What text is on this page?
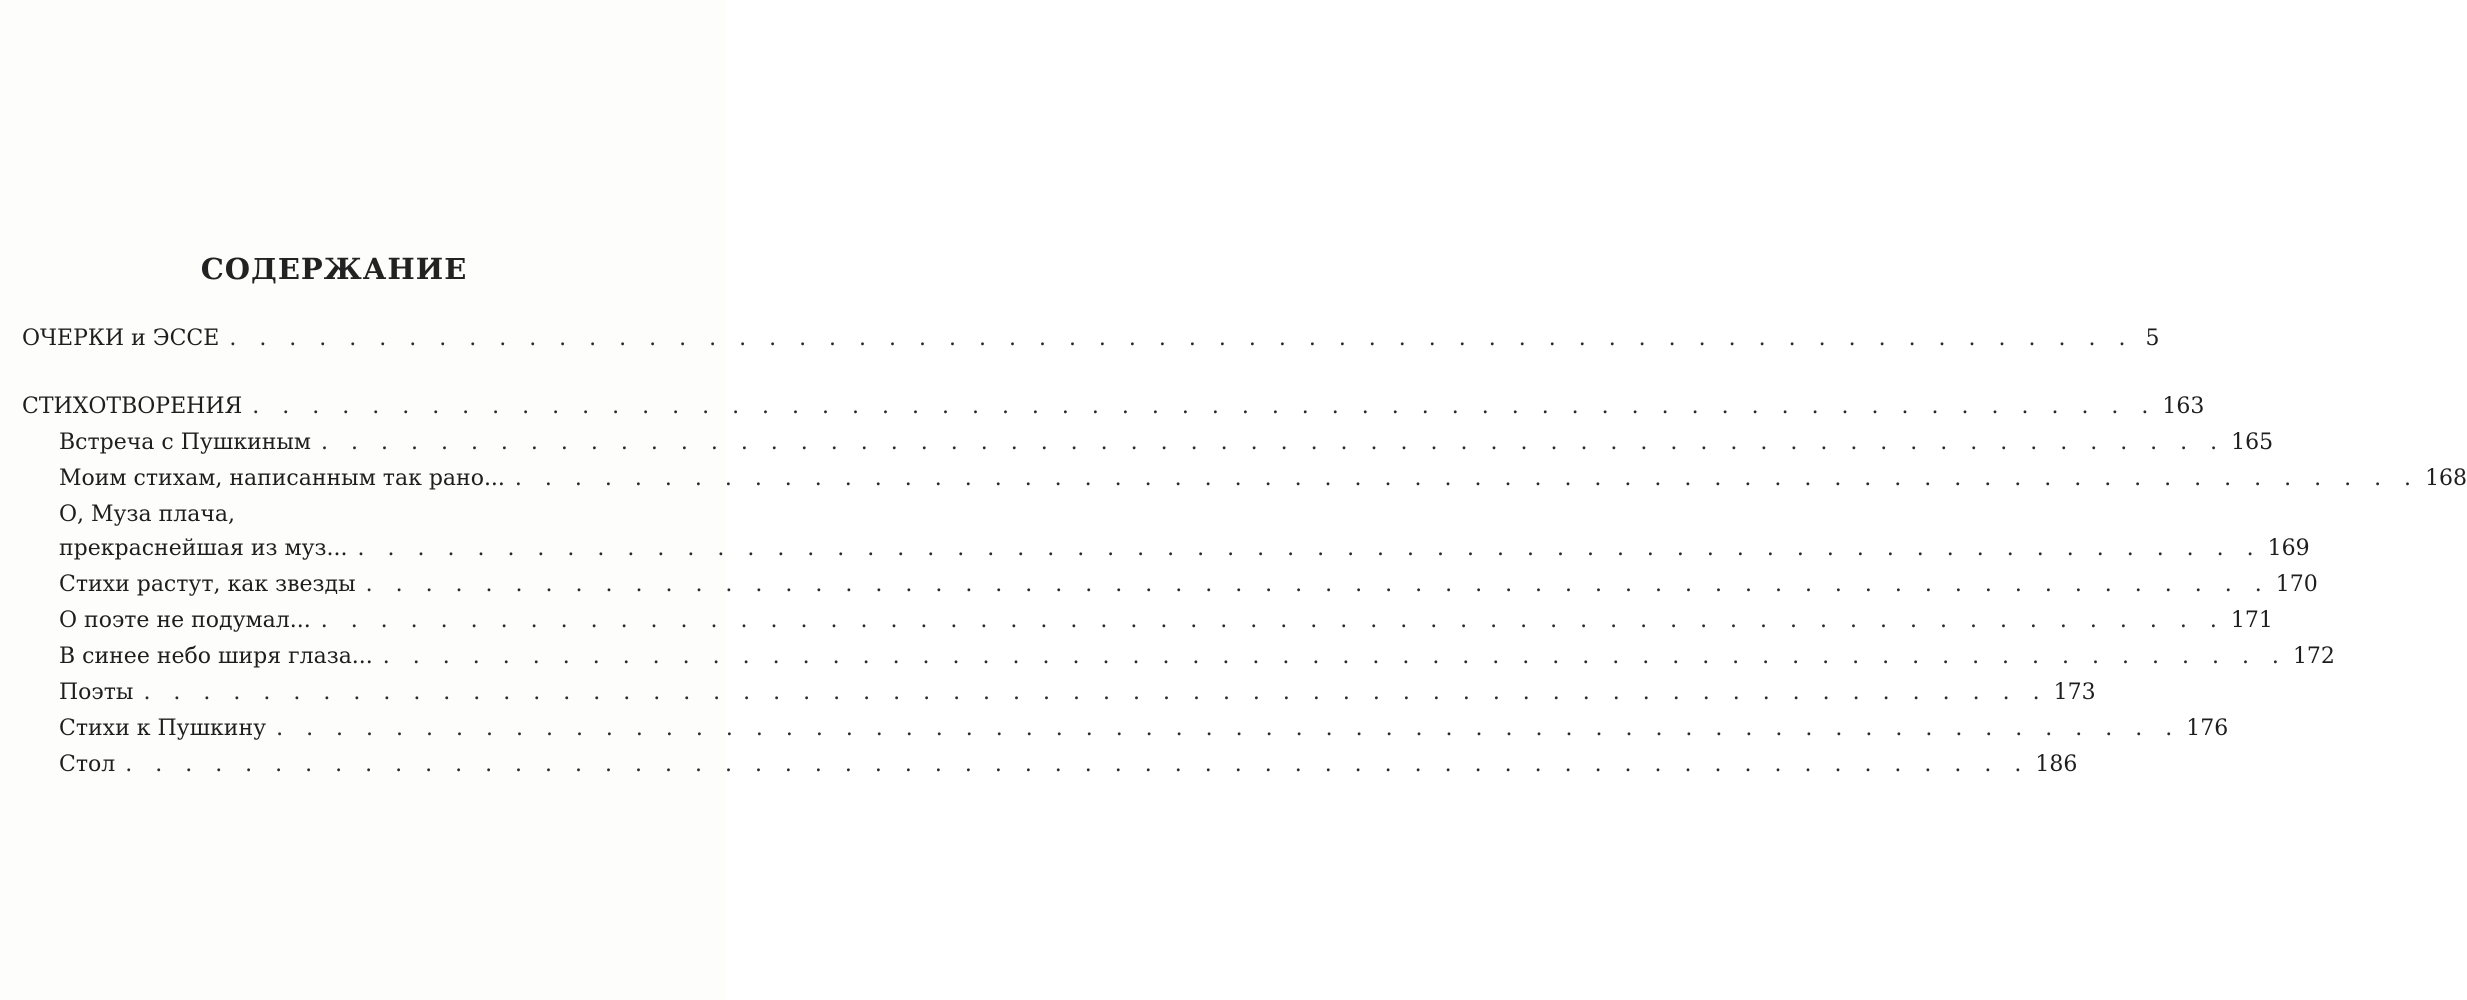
СОДЕРЖАНИЕ
ОЧЕРКИ и ЭССЕ . . . . . . . . . . . . . . . . . . . . . . . . . . . . . . . . . . . . . . . . . . . . . . . . . . . . . . . . . . . . . . . . 5
СТИХОТВОРЕНИЯ . . . . . . . . . . . . . . . . . . . . . . . . . . . . . . . . . . . . . . . . . . . . . . . . . . . . . . . . . . . . . . . . 163
Встреча с Пушкиным . . . . . . . . . . . . . . . . . . . . . . . . . . . . . . . . . . . . . . . . . . . . . . . . . . . . . . . . . . . . . . . . 165
Моим стихам, написанным так рано... . . . . . . . . . . . . . . . . . . . . . . . . . . . . . . . . . . . . . . . . . . . . . . . . . . . . . . . . . . . . . . . . 168
О, Муза плача,
прекраснейшая из муз... . . . . . . . . . . . . . . . . . . . . . . . . . . . . . . . . . . . . . . . . . . . . . . . . . . . . . . . . . . . . . . . . 169
Стихи растут, как звезды . . . . . . . . . . . . . . . . . . . . . . . . . . . . . . . . . . . . . . . . . . . . . . . . . . . . . . . . . . . . . . . . 170
О поэте не подумал... . . . . . . . . . . . . . . . . . . . . . . . . . . . . . . . . . . . . . . . . . . . . . . . . . . . . . . . . . . . . . . . . 171
В синее небо ширя глаза... . . . . . . . . . . . . . . . . . . . . . . . . . . . . . . . . . . . . . . . . . . . . . . . . . . . . . . . . . . . . . . . . 172
Поэты . . . . . . . . . . . . . . . . . . . . . . . . . . . . . . . . . . . . . . . . . . . . . . . . . . . . . . . . . . . . . . . . 173
Стихи к Пушкину . . . . . . . . . . . . . . . . . . . . . . . . . . . . . . . . . . . . . . . . . . . . . . . . . . . . . . . . . . . . . . . . 176
Стол . . . . . . . . . . . . . . . . . . . . . . . . . . . . . . . . . . . . . . . . . . . . . . . . . . . . . . . . . . . . . . . . 186
